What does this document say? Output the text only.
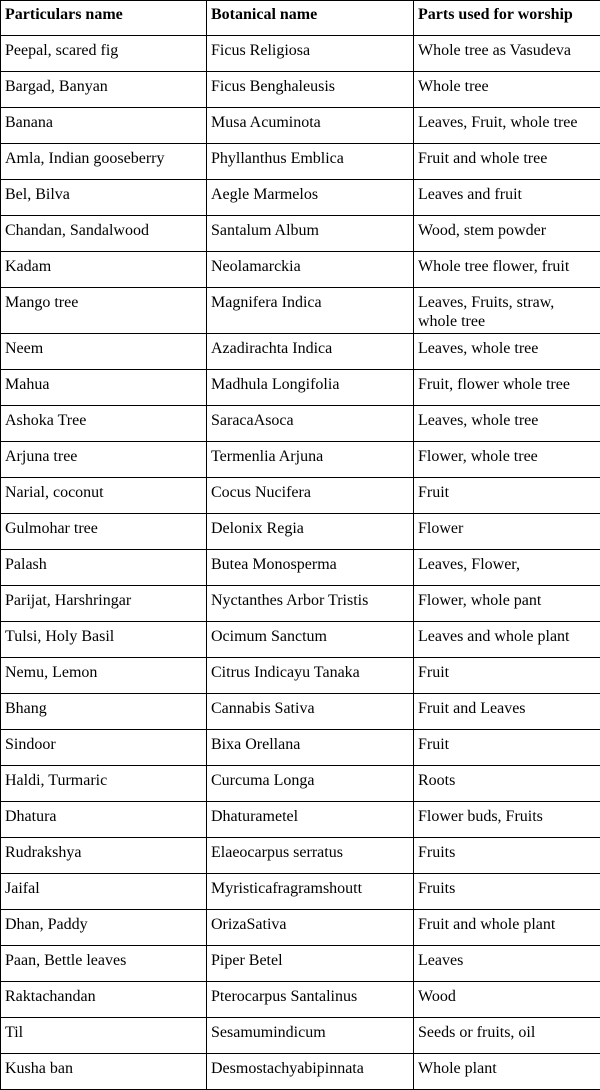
Particulars name	Botanical name	Parts used for worship
Peepal, scared fig	Ficus Religiosa	Whole tree as Vasudeva
Bargad, Banyan	Ficus Benghaleusis	Whole tree
Banana	Musa Acuminota	Leaves, Fruit, whole tree
Amla, Indian gooseberry	Phyllanthus Emblica	Fruit and whole tree
Bel, Bilva	Aegle Marmelos	Leaves and fruit
Chandan, Sandalwood	Santalum Album	Wood, stem powder
Kadam	Neolamarckia	Whole tree flower, fruit
Mango tree	Magnifera Indica	Leaves, Fruits, straw, whole tree
Neem	Azadirachta Indica	Leaves, whole tree
Mahua	Madhula Longifolia	Fruit, flower whole tree
Ashoka Tree	SaracaAsoca	Leaves, whole tree
Arjuna tree	Termenlia Arjuna	Flower, whole tree
Narial, coconut	Cocus Nucifera	Fruit
Gulmohar tree	Delonix Regia	Flower
Palash	Butea Monosperma	Leaves, Flower,
Parijat, Harshringar	Nyctanthes Arbor Tristis	Flower, whole pant
Tulsi, Holy Basil	Ocimum Sanctum	Leaves and whole plant
Nemu, Lemon	Citrus Indicayu Tanaka	Fruit
Bhang	Cannabis Sativa	Fruit and Leaves
Sindoor	Bixa Orellana	Fruit
Haldi, Turmaric	Curcuma Longa	Roots
Dhatura	Dhaturametel	Flower buds, Fruits
Rudrakshya	Elaeocarpus serratus	Fruits
Jaifal	Myristicafragramshoutt	Fruits
Dhan, Paddy	OrizaSativa	Fruit and whole plant
Paan, Bettle leaves	Piper Betel	Leaves
Raktachandan	Pterocarpus Santalinus	Wood
Til	Sesamumindicum	Seeds or fruits, oil
Kusha ban	Desmostachyabipinnata	Whole plant
